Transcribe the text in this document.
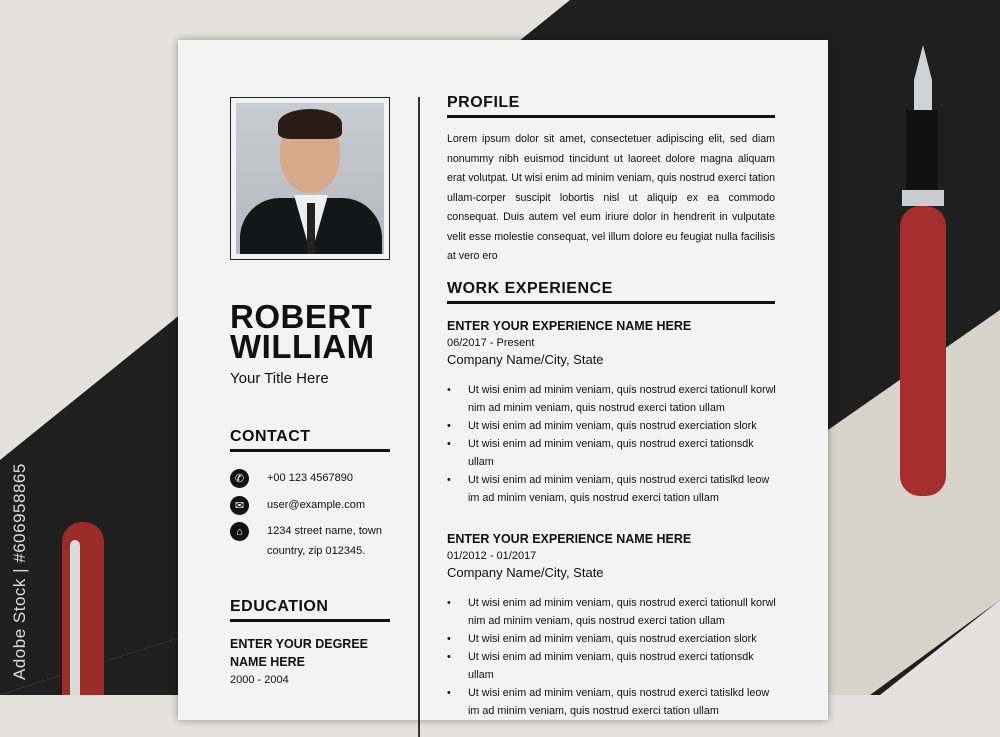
Adobe Stock | #606958865
ROBERT
WILLIAM
Your Title Here
CONTACT
✆	+00 123 4567890
✉	user@example.com
⌂	1234 street name, town
country, zip 012345.
EDUCATION
ENTER YOUR DEGREE
NAME HERE
2000 - 2004
PROFILE
Lorem ipsum dolor sit amet, consectetuer adipiscing elit, sed diam nonummy nibh euismod tincidunt ut laoreet dolore magna aliquam erat volutpat. Ut wisi enim ad minim veniam, quis nostrud exerci tation ullam-corper suscipit lobortis nisl ut aliquip ex ea commodo consequat. Duis autem vel eum iriure dolor in hendrerit in vulputate velit esse molestie consequat, vel illum dolore eu feugiat nulla facilisis at vero ero
WORK EXPERIENCE
ENTER YOUR EXPERIENCE NAME HERE
06/2017 - Present
Company Name/City, State
• Ut wisi enim ad minim veniam, quis nostrud exerci tationull korwl nim ad minim veniam, quis nostrud exerci tation ullam
• Ut wisi enim ad minim veniam, quis nostrud exerciation slork
• Ut wisi enim ad minim veniam, quis nostrud exerci tationsdk ullam
• Ut wisi enim ad minim veniam, quis nostrud exerci tatislkd leow im ad minim veniam, quis nostrud exerci tation ullam
ENTER YOUR EXPERIENCE NAME HERE
01/2012 - 01/2017
Company Name/City, State
• Ut wisi enim ad minim veniam, quis nostrud exerci tationull korwl nim ad minim veniam, quis nostrud exerci tation ullam
• Ut wisi enim ad minim veniam, quis nostrud exerciation slork
• Ut wisi enim ad minim veniam, quis nostrud exerci tationsdk ullam
• Ut wisi enim ad minim veniam, quis nostrud exerci tatislkd leow im ad minim veniam, quis nostrud exerci tation ullam
